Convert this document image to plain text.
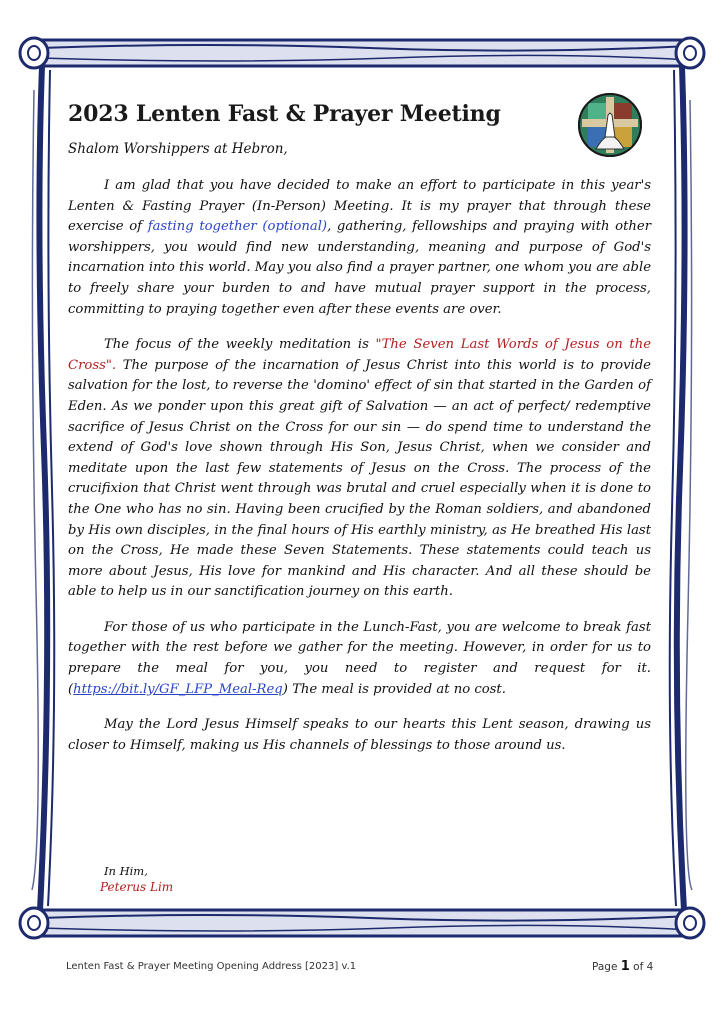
2023 Lenten Fast & Prayer Meeting

Shalom Worshippers at Hebron,

I am glad that you have decided to make an effort to participate in this year's Lenten & Fasting Prayer (In-Person) Meeting. It is my prayer that through these exercise of fasting together (optional), gathering, fellowships and praying with other worshippers, you would find new understanding, meaning and purpose of God's incarnation into this world. May you also find a prayer partner, one whom you are able to freely share your burden to and have mutual prayer support in the process, committing to praying together even after these events are over.

The focus of the weekly meditation is "The Seven Last Words of Jesus on the Cross". The purpose of the incarnation of Jesus Christ into this world is to provide salvation for the lost, to reverse the 'domino' effect of sin that started in the Garden of Eden. As we ponder upon this great gift of Salvation — an act of perfect/ redemptive sacrifice of Jesus Christ on the Cross for our sin — do spend time to understand the extend of God's love shown through His Son, Jesus Christ, when we consider and meditate upon the last few statements of Jesus on the Cross. The process of the crucifixion that Christ went through was brutal and cruel especially when it is done to the One who has no sin. Having been crucified by the Roman soldiers, and abandoned by His own disciples, in the final hours of His earthly ministry, as He breathed His last on the Cross, He made these Seven Statements. These statements could teach us more about Jesus, His love for mankind and His character. And all these should be able to help us in our sanctification journey on this earth.

For those of us who participate in the Lunch-Fast, you are welcome to break fast together with the rest before we gather for the meeting. However, in order for us to prepare the meal for you, you need to register and request for it. (https://bit.ly/GF_LFP_Meal-Req) The meal is provided at no cost.

May the Lord Jesus Himself speaks to our hearts this Lent season, drawing us closer to Himself, making us His channels of blessings to those around us.

In Him,

Peterus Lim

Lenten Fast & Prayer Meeting Opening Address [2023] v.1	Page 1 of 4
